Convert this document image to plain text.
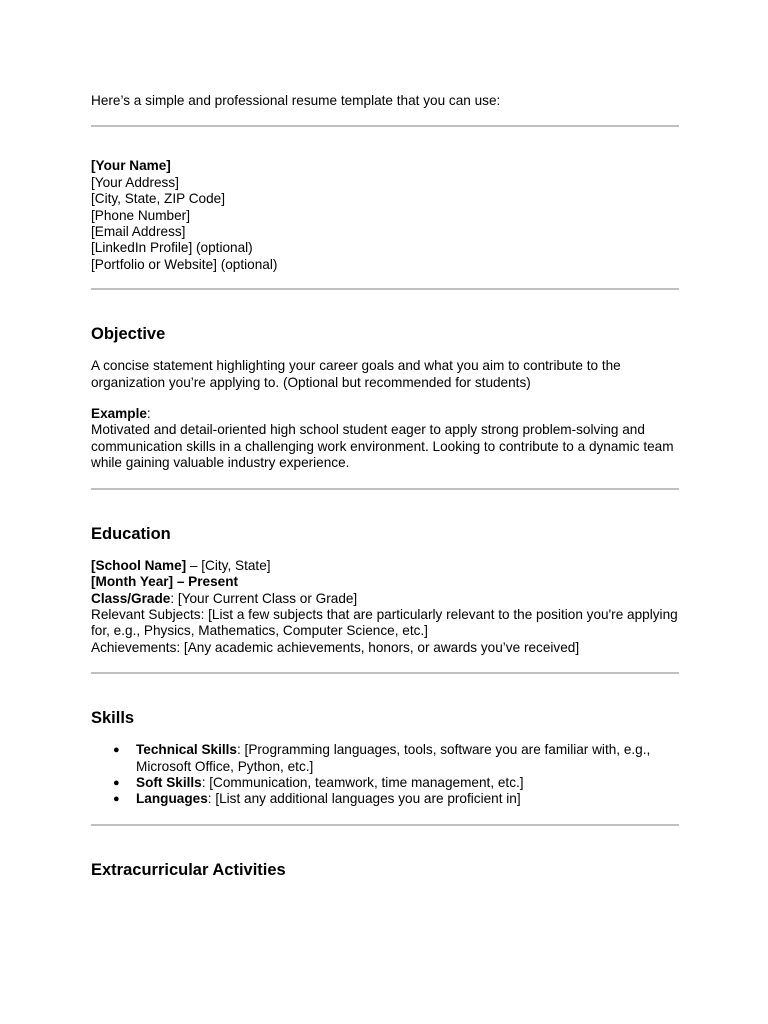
Here’s a simple and professional resume template that you can use:

[Your Name]

[Your Address]

[City, State, ZIP Code]

[Phone Number]

[Email Address]

[LinkedIn Profile] (optional)

[Portfolio or Website] (optional)

Objective

A concise statement highlighting your career goals and what you aim to contribute to the organization you’re applying to. (Optional but recommended for students)

Example:

Motivated and detail-oriented high school student eager to apply strong problem-solving and communication skills in a challenging work environment. Looking to contribute to a dynamic team while gaining valuable industry experience.

Education

[School Name] – [City, State]

[Month Year] – Present

Class/Grade: [Your Current Class or Grade]

Relevant Subjects: [List a few subjects that are particularly relevant to the position you're applying for, e.g., Physics, Mathematics, Computer Science, etc.]

Achievements: [Any academic achievements, honors, or awards you’ve received]

Skills

● Technical Skills: [Programming languages, tools, software you are familiar with, e.g., Microsoft Office, Python, etc.]
● Soft Skills: [Communication, teamwork, time management, etc.]
● Languages: [List any additional languages you are proficient in]

Extracurricular Activities
